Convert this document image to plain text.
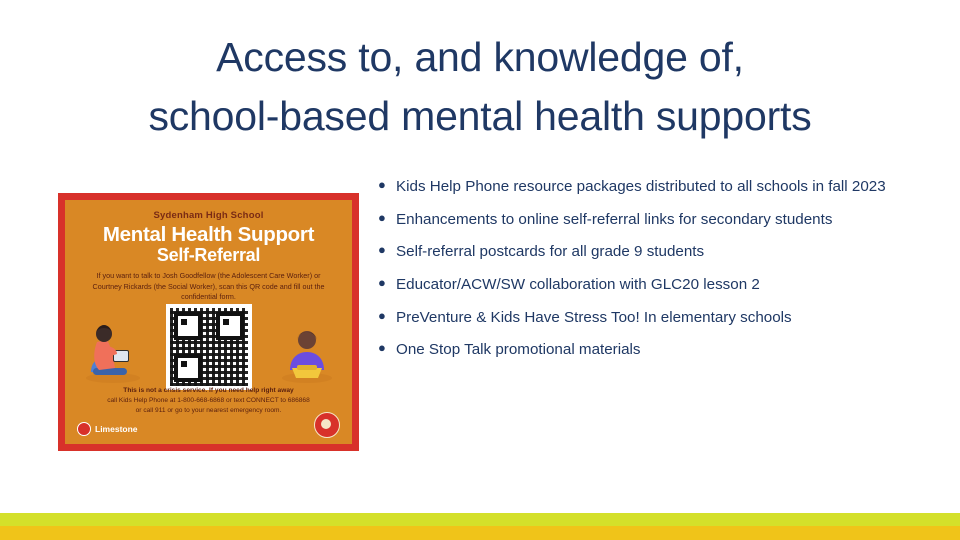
Access to, and knowledge of,
school-based mental health supports
Sydenham High School
Mental Health Support
Self-Referral
If you want to talk to Josh Goodfellow (the Adolescent Care Worker) or Courtney Rickards (the Social Worker), scan this QR code and fill out the confidential form.
This is not a crisis service. If you need help right away
call Kids Help Phone at 1-800-668-6868 or text CONNECT to 686868
or call 911 or go to your nearest emergency room.
Limestone
● Kids Help Phone resource packages distributed to all schools in fall 2023
● Enhancements to online self-referral links for secondary students
● Self-referral postcards for all grade 9 students
● Educator/ACW/SW collaboration with GLC20 lesson 2
● PreVenture & Kids Have Stress Too! In elementary schools
● One Stop Talk promotional materials
